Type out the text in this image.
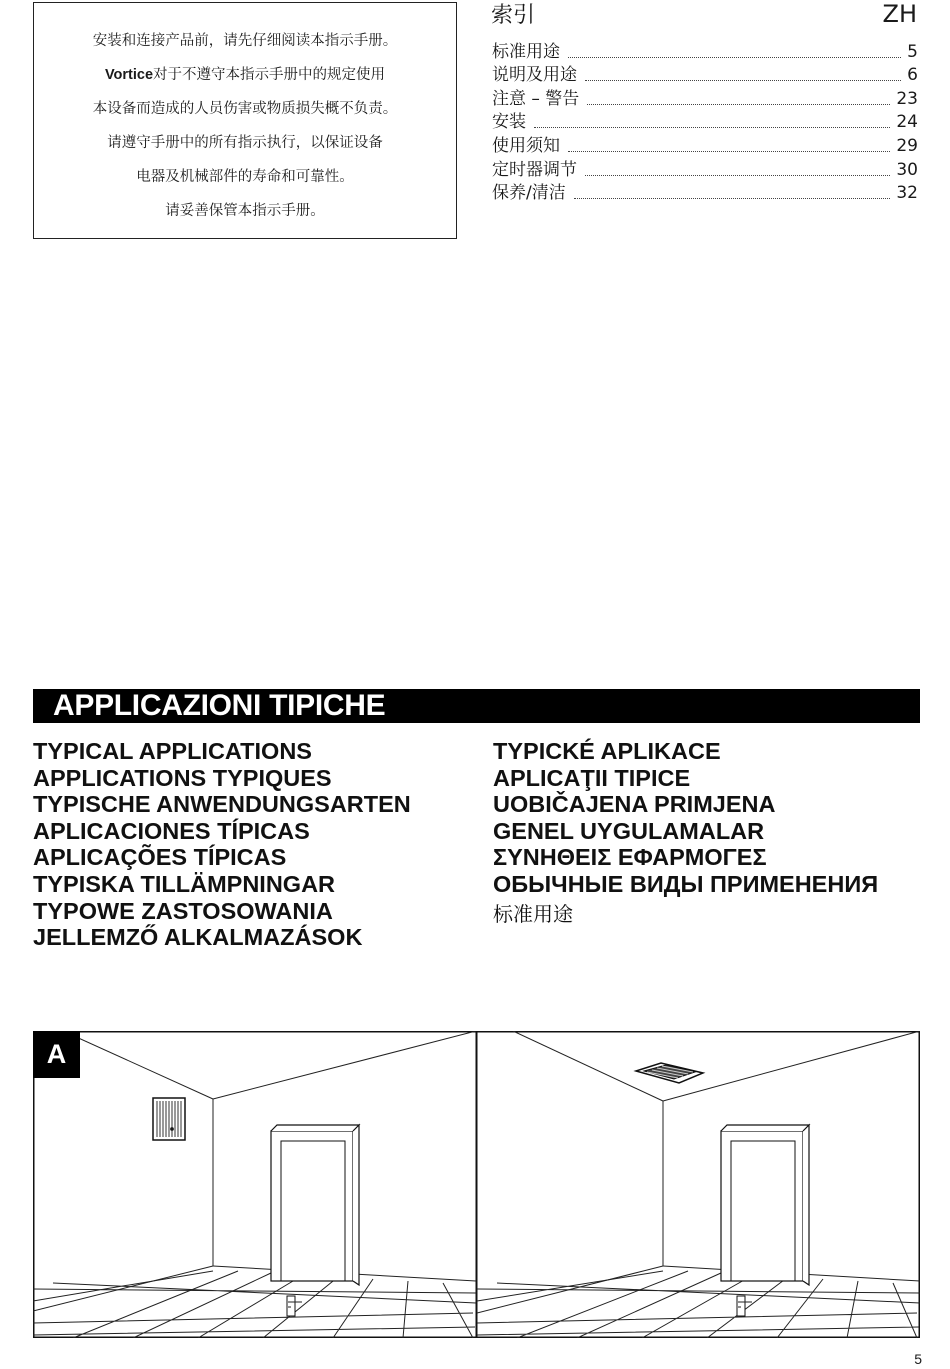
安装和连接产品前，请先仔细阅读本指示手册。
Vortice对于不遵守本指示手册中的规定使用
本设备而造成的人员伤害或物质损失概不负责。
请遵守手册中的所有指示执行，以保证设备
电器及机械部件的寿命和可靠性。
请妥善保管本指示手册。
索引	ZH
标准用途	5
说明及用途	6
注意 – 警告	23
安装	24
使用须知	29
定时器调节	30
保养/清洁	32
APPLICAZIONI TIPICHE
TYPICAL APPLICATIONS
APPLICATIONS TYPIQUES
TYPISCHE ANWENDUNGSARTEN
APLICACIONES TÍPICAS
APLICAÇÕES TÍPICAS
TYPISKA TILLÄMPNINGAR
TYPOWE ZASTOSOWANIA
JELLEMZŐ ALKALMAZÁSOK
TYPICKÉ APLIKACE
APLICAŢII TIPICE
UOBIČAJENA PRIMJENA
GENEL UYGULAMALAR
ΣΥΝΗΘΕΙΣ ΕΦΑΡΜΟΓΕΣ
ОБЫЧНЫЕ ВИДЫ ПРИМЕНЕНИЯ
标准用途
A
5
